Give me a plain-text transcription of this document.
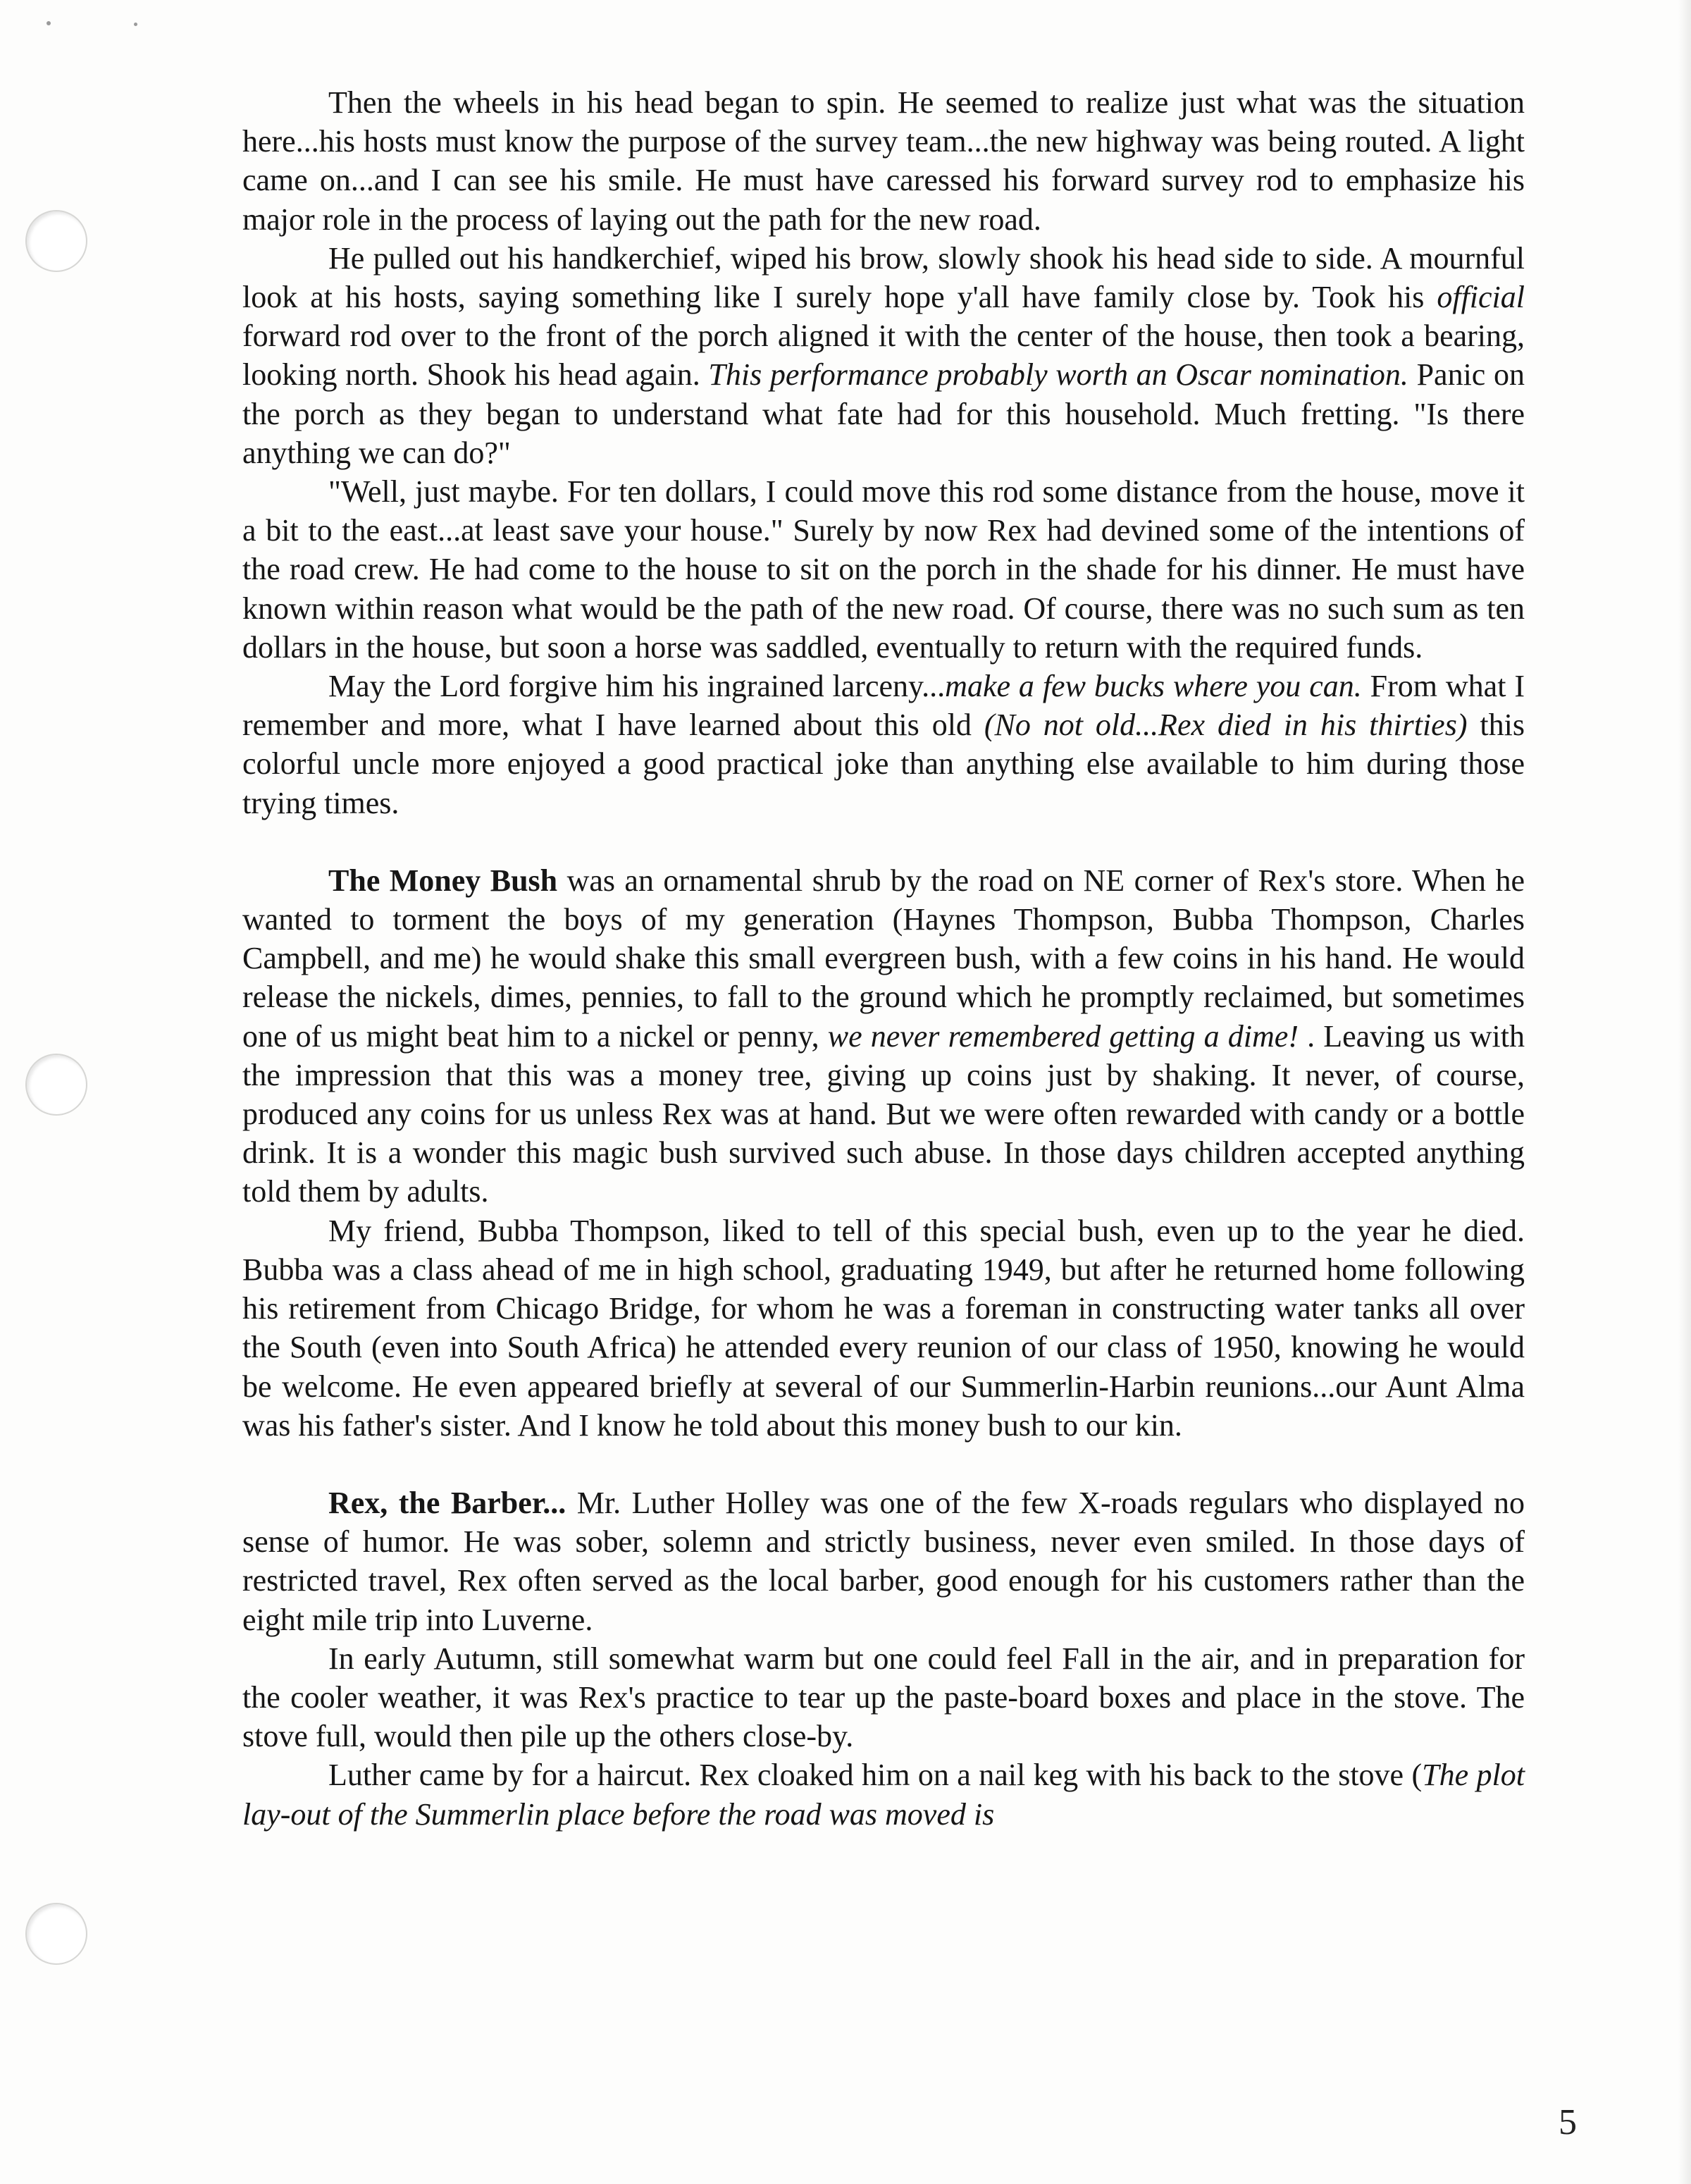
Then the wheels in his head began to spin. He seemed to realize just what was the situation here...his hosts must know the purpose of the survey team...the new highway was being routed. A light came on...and I can see his smile. He must have caressed his forward survey rod to emphasize his major role in the process of laying out the path for the new road.

He pulled out his handkerchief, wiped his brow, slowly shook his head side to side. A mournful look at his hosts, saying something like I surely hope y'all have family close by. Took his official forward rod over to the front of the porch aligned it with the center of the house, then took a bearing, looking north. Shook his head again. This performance probably worth an Oscar nomination. Panic on the porch as they began to understand what fate had for this household. Much fretting. "Is there anything we can do?"

"Well, just maybe. For ten dollars, I could move this rod some distance from the house, move it a bit to the east...at least save your house." Surely by now Rex had devined some of the intentions of the road crew. He had come to the house to sit on the porch in the shade for his dinner. He must have known within reason what would be the path of the new road. Of course, there was no such sum as ten dollars in the house, but soon a horse was saddled, eventually to return with the required funds.

May the Lord forgive him his ingrained larceny...make a few bucks where you can. From what I remember and more, what I have learned about this old (No not old...Rex died in his thirties) this colorful uncle more enjoyed a good practical joke than anything else available to him during those trying times.

The Money Bush was an ornamental shrub by the road on NE corner of Rex's store. When he wanted to torment the boys of my generation (Haynes Thompson, Bubba Thompson, Charles Campbell, and me) he would shake this small evergreen bush, with a few coins in his hand. He would release the nickels, dimes, pennies, to fall to the ground which he promptly reclaimed, but sometimes one of us might beat him to a nickel or penny, we never remembered getting a dime! . Leaving us with the impression that this was a money tree, giving up coins just by shaking. It never, of course, produced any coins for us unless Rex was at hand. But we were often rewarded with candy or a bottle drink. It is a wonder this magic bush survived such abuse. In those days children accepted anything told them by adults.

My friend, Bubba Thompson, liked to tell of this special bush, even up to the year he died. Bubba was a class ahead of me in high school, graduating 1949, but after he returned home following his retirement from Chicago Bridge, for whom he was a foreman in constructing water tanks all over the South (even into South Africa) he attended every reunion of our class of 1950, knowing he would be welcome. He even appeared briefly at several of our Summerlin-Harbin reunions...our Aunt Alma was his father's sister. And I know he told about this money bush to our kin.

Rex, the Barber... Mr. Luther Holley was one of the few X-roads regulars who displayed no sense of humor. He was sober, solemn and strictly business, never even smiled. In those days of restricted travel, Rex often served as the local barber, good enough for his customers rather than the eight mile trip into Luverne.

In early Autumn, still somewhat warm but one could feel Fall in the air, and in preparation for the cooler weather, it was Rex's practice to tear up the paste-board boxes and place in the stove. The stove full, would then pile up the others close-by.

Luther came by for a haircut. Rex cloaked him on a nail keg with his back to the stove (The plot lay-out of the Summerlin place before the road was moved is

5
